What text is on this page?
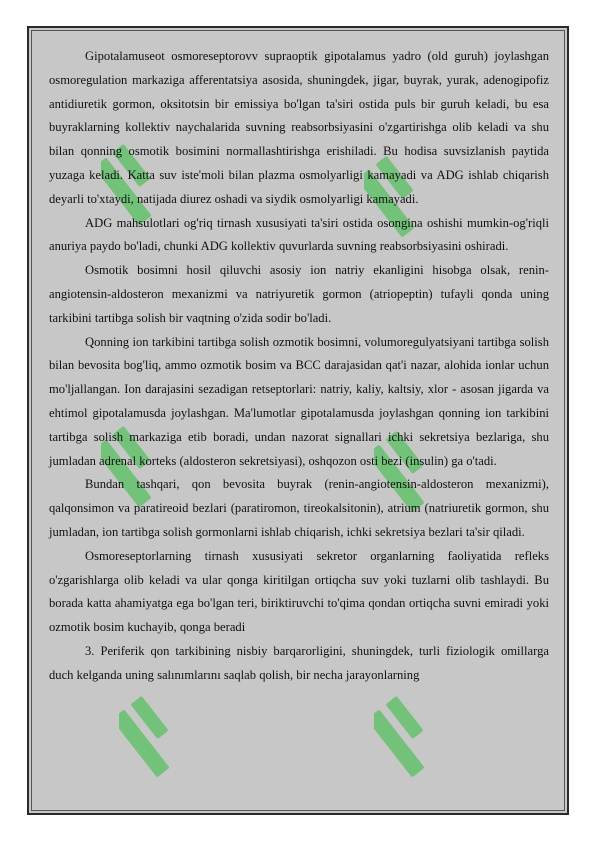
Gipotalamuseot osmoreseptorovv supraoptik gipotalamus yadro (old guruh) joylashgan osmoregulation markaziga afferentatsiya asosida, shuningdek, jigar, buyrak, yurak, adenogipofiz antidiuretik gormon, oksitotsin bir emissiya bo'lgan ta'siri ostida puls bir guruh keladi, bu esa buyraklarning kollektiv naychalarida suvning reabsorbsiyasini o'zgartirishga olib keladi va shu bilan qonning osmotik bosimini normallashtirishga erishiladi. Bu hodisa suvsizlanish paytida yuzaga keladi. Katta suv iste'moli bilan plazma osmolyarligi kamayadi va ADG ishlab chiqarish deyarli to'xtaydi, natijada diurez oshadi va siydik osmolyarligi kamayadi.

ADG mahsulotlari og'riq tirnash xususiyati ta'siri ostida osongina oshishi mumkin-og'riqli anuriya paydo bo'ladi, chunki ADG kollektiv quvurlarda suvning reabsorbsiyasini oshiradi.

Osmotik bosimni hosil qiluvchi asosiy ion natriy ekanligini hisobga olsak, renin-angiotensin-aldosteron mexanizmi va natriyuretik gormon (atriopeptin) tufayli qonda uning tarkibini tartibga solish bir vaqtning o'zida sodir bo'ladi.

Qonning ion tarkibini tartibga solish ozmotik bosimni, volumoregulyatsiyani tartibga solish bilan bevosita bog'liq, ammo ozmotik bosim va BCC darajasidan qat'i nazar, alohida ionlar uchun mo'ljallangan. Ion darajasini sezadigan retseptorlari: natriy, kaliy, kaltsiy, xlor - asosan jigarda va ehtimol gipotalamusda joylashgan. Ma'lumotlar gipotalamusda joylashgan qonning ion tarkibini tartibga solish markaziga etib boradi, undan nazorat signallari ichki sekretsiya bezlariga, shu jumladan adrenal korteks (aldosteron sekretsiyasi), oshqozon osti bezi (insulin) ga o'tadi.

Bundan tashqari, qon bevosita buyrak (renin-angiotensin-aldosteron mexanizmi), qalqonsimon va paratireoid bezlari (paratiromon, tireokalsitonin), atrium (natriuretik gormon, shu jumladan, ion tartibga solish gormonlarni ishlab chiqarish, ichki sekretsiya bezlari ta'sir qiladi.

Osmoreseptorlarning tirnash xususiyati sekretor organlarning faoliyatida refleks o'zgarishlarga olib keladi va ular qonga kiritilgan ortiqcha suv yoki tuzlarni olib tashlaydi. Bu borada katta ahamiyatga ega bo'lgan teri, biriktiruvchi to'qima qondan ortiqcha suvni emiradi yoki ozmotik bosim kuchayib, qonga beradi

3. Periferik qon tarkibining nisbiy barqarorligini, shuningdek, turli fiziologik omillarga duch kelganda uning salınımlarını saqlab qolish, bir necha jarayonlarning
